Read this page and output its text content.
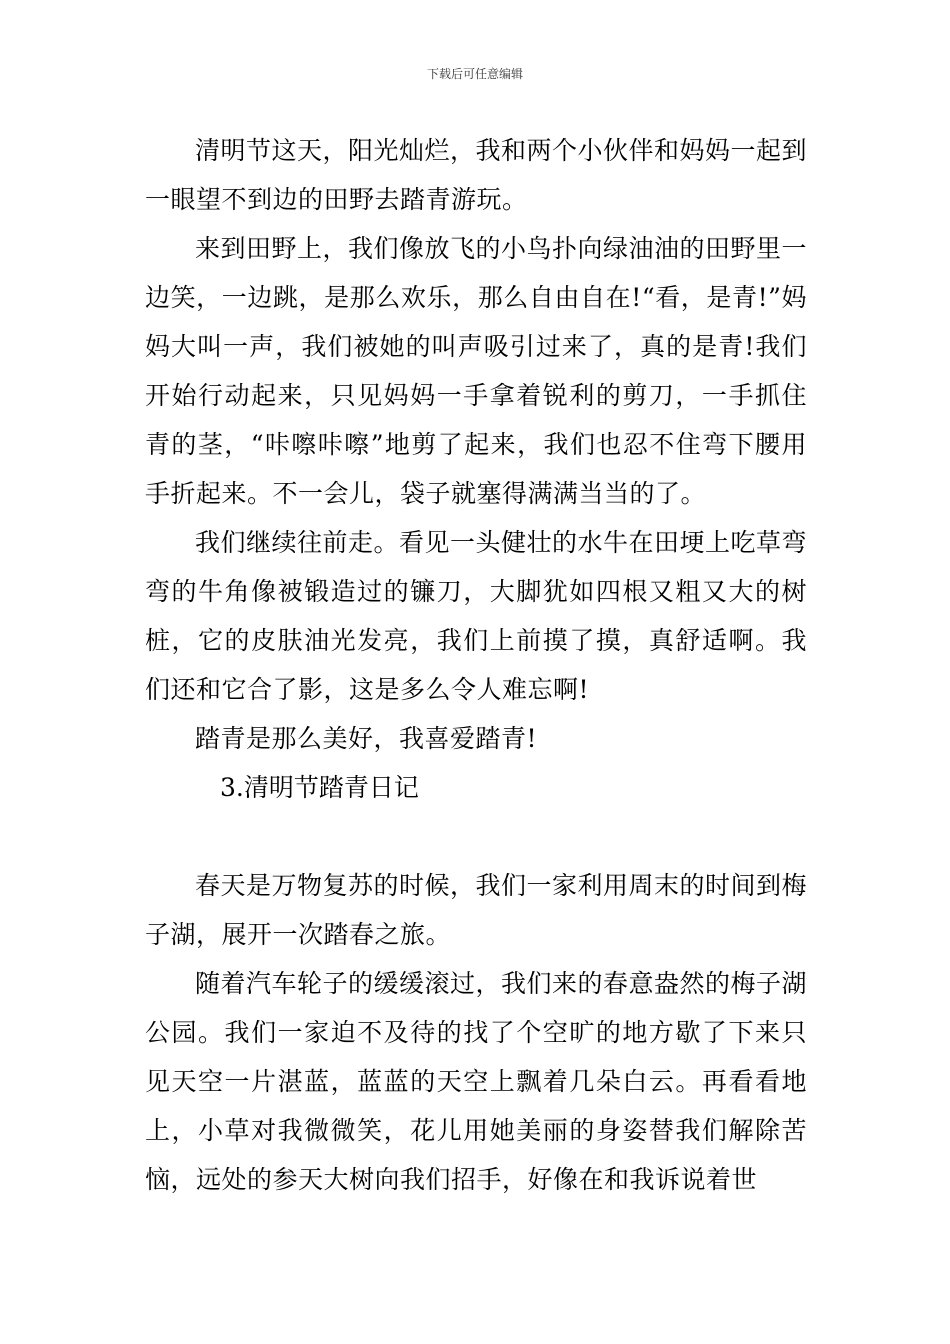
下载后可任意编辑

清明节这天，阳光灿烂，我和两个小伙伴和妈妈一起到一眼望不到边的田野去踏青游玩。

来到田野上，我们像放飞的小鸟扑向绿油油的田野里一边笑，一边跳，是那么欢乐，那么自由自在!“看，是青!”妈妈大叫一声，我们被她的叫声吸引过来了，真的是青!我们开始行动起来，只见妈妈一手拿着锐利的剪刀，一手抓住青的茎，“咔嚓咔嚓”地剪了起来，我们也忍不住弯下腰用手折起来。不一会儿，袋子就塞得满满当当的了。

我们继续往前走。看见一头健壮的水牛在田埂上吃草弯弯的牛角像被锻造过的镰刀，大脚犹如四根又粗又大的树桩，它的皮肤油光发亮，我们上前摸了摸，真舒适啊。我们还和它合了影，这是多么令人难忘啊!

踏青是那么美好，我喜爱踏青!

3.清明节踏青日记

春天是万物复苏的时候，我们一家利用周末的时间到梅子湖，展开一次踏春之旅。

随着汽车轮子的缓缓滚过，我们来的春意盎然的梅子湖公园。我们一家迫不及待的找了个空旷的地方歇了下来只见天空一片湛蓝，蓝蓝的天空上飘着几朵白云。再看看地上，小草对我微微笑，花儿用她美丽的身姿替我们解除苦恼，远处的参天大树向我们招手，好像在和我诉说着世
